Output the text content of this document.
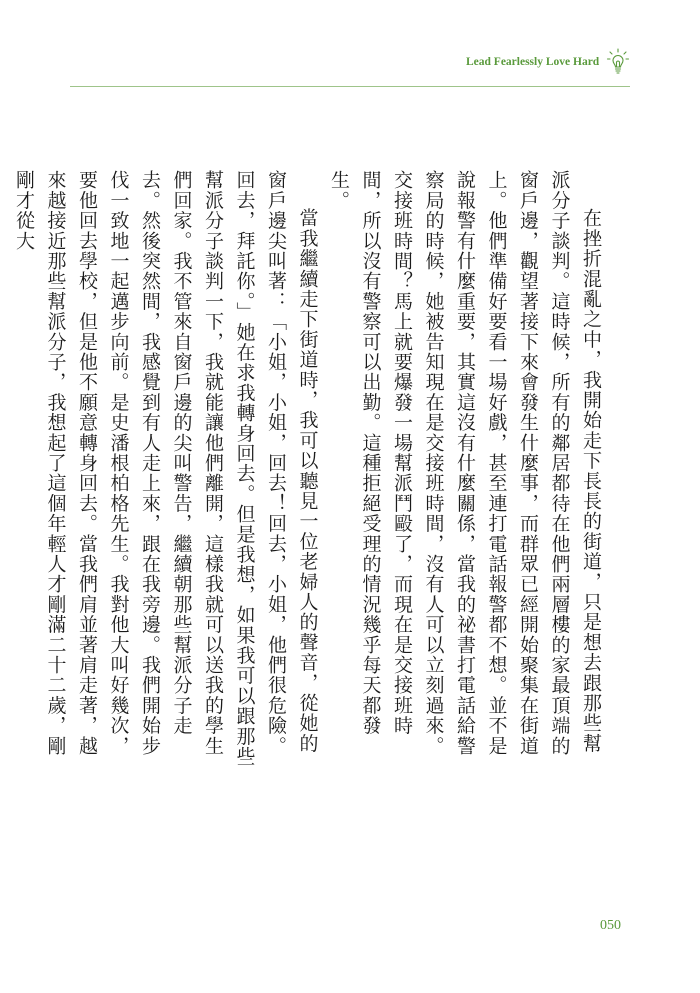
Lead Fearlessly Love Hard

在挫折混亂之中，我開始走下長長的街道，只是想去跟那些幫派分子談判。這時候，所有的鄰居都待在他們兩層樓的家最頂端的窗戶邊，觀望著接下來會發生什麼事，而群眾已經開始聚集在街道上。他們準備好要看一場好戲，甚至連打電話報警都不想。並不是說報警有什麼重要，其實這沒有什麼關係，當我的祕書打電話給警察局的時候，她被告知現在是交接班時間，沒有人可以立刻過來。交接班時間？馬上就要爆發一場幫派鬥毆了，而現在是交接班時間，所以沒有警察可以出勤。這種拒絕受理的情況幾乎每天都發生。

當我繼續走下街道時，我可以聽見一位老婦人的聲音，從她的窗戶邊尖叫著：「小姐，小姐，回去！回去，小姐，他們很危險。回去，拜託你。」她在求我轉身回去。但是我想，如果我可以跟那些幫派分子談判一下，我就能讓他們離開，這樣我就可以送我的學生們回家。我不管來自窗戶邊的尖叫警告，繼續朝那些幫派分子走去。然後突然間，我感覺到有人走上來，跟在我旁邊。我們開始步伐一致地一起邁步向前。是史潘根柏格先生。我對他大叫好幾次，要他回去學校，但是他不願意轉身回去。當我們肩並著肩走著，越來越接近那些幫派分子，我想起了這個年輕人才剛滿二十二歲，剛剛才從大

050
